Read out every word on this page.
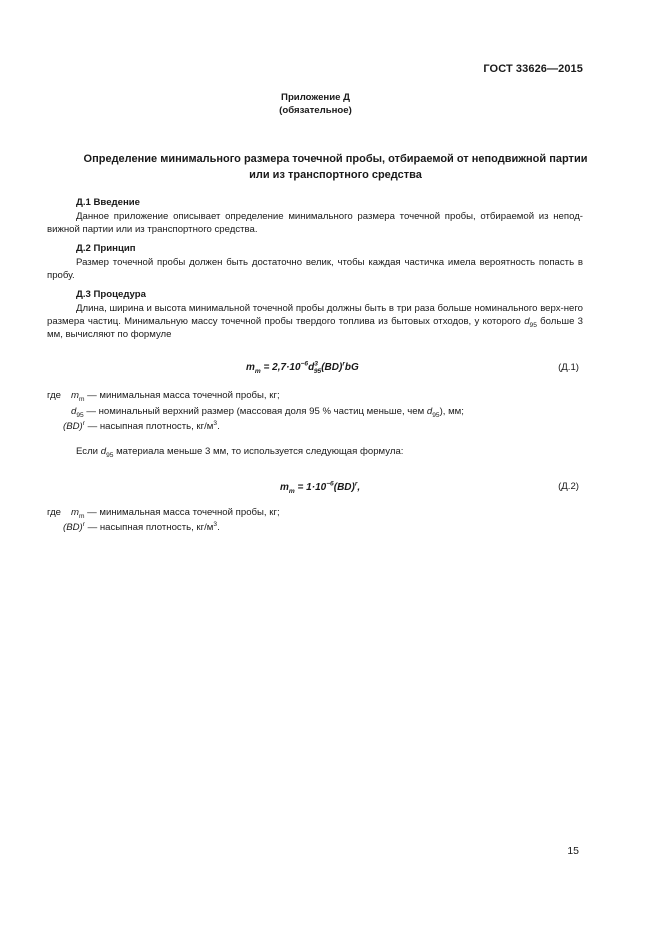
ГОСТ 33626—2015
Приложение Д
(обязательное)
Определение минимального размера точечной пробы, отбираемой от неподвижной партии
или из транспортного средства
Д.1 Введение
Данное приложение описывает определение минимального размера точечной пробы, отбираемой из непод-вижной партии или из транспортного средства.
Д.2 Принцип
Размер точечной пробы должен быть достаточно велик, чтобы каждая частичка имела вероятность попасть в пробу.
Д.3 Процедура
Длина, ширина и высота минимальной точечной пробы должны быть в три раза больше номинального верх-него размера частиц. Минимальную массу точечной пробы твердого топлива из бытовых отходов, у которого $d_{95}$ больше 3 мм, вычисляют по формуле
$m_m = 2,7\cdot 10^{-6}d^3_{95}(BD)^rbG$	(Д.1)
где $m_m$ — минимальная масса точечной пробы, кг;
$d_{95}$ — номинальный верхний размер (массовая доля 95 % частиц меньше, чем $d_{95}$), мм;
(BD)$^r$ — насыпная плотность, $кг/м^3$.
Если $d_{95}$ материала меньше 3 мм, то используется следующая формула:
$m_m = 1\cdot 10^{-6}(BD)^r$,	(Д.2)
где $m_m$ — минимальная масса точечной пробы, кг;
(BD)$^r$ — насыпная плотность, $кг/м^3$.
15
